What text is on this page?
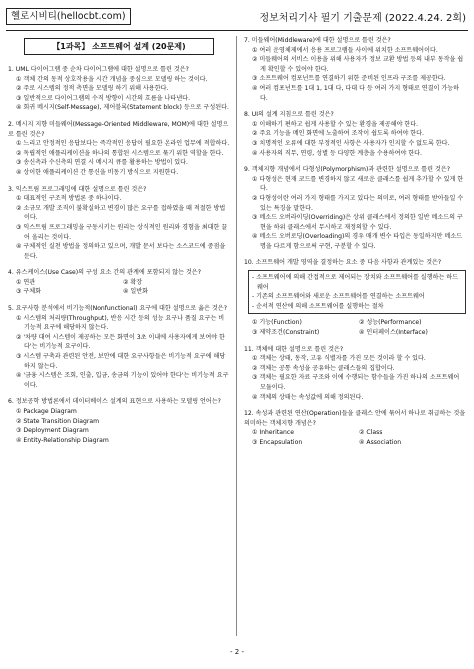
헬로시비티(hellocbt.com)	정보처리기사 필기 기출문제 (2022.4.24. 2회)
【1과목】 소프트웨어 설계 (20문제)

1. UML 다이어그램 중 순차 다이어그램에 대한 설명으로 틀린 것은?

① 객체 간의 동적 상호작용을 시간 개념을 중심으로 모델링 하는 것이다.

② 주로 시스템의 정적 측면을 모델링 하기 위해 사용한다.

③ 일반적으로 다이어그램의 수직 방향이 시간의 흐름을 나타낸다.

④ 회귀 메시지(Self-Message), 제어블록(Statement block) 등으로 구성된다.

2. 메시지 지향 미들웨어(Message-Oriented Middleware, MOM)에 대한 설명으로 틀린 것은?

① 느리고 안정적인 응답보다는 즉각적인 응답이 필요한 온라인 업무에 적합하다.

② 독립적인 애플리케이션을 하나의 통합된 시스템으로 묶기 위한 역할을 한다.

③ 송신측과 수신측의 연결 시 메시지 큐를 활용하는 방법이 있다.

④ 상이한 애플리케이션 간 통신을 비동기 방식으로 지원한다.

3. 익스트림 프로그래밍에 대한 설명으로 틀린 것은?

① 대표적인 구조적 방법론 중 하나이다.

② 소규모 개발 조직이 불확실하고 변경이 많은 요구를 접하였을 때 적절한 방법이다.

③ 익스트림 프로그래밍을 구동시키는 원리는 상식적인 원리와 경험을 최대한 끌어 올리는 것이다.

④ 구체적인 실천 방법을 정의하고 있으며, 개발 문서 보다는 소스코드에 중점을 둔다.

4. 유스케이스(Use Case)의 구성 요소 간의 관계에 포함되지 않는 것은?

① 연관	② 확장
③ 구체화	④ 일반화

5. 요구사항 분석에서 비기능적(Nonfunctional) 요구에 대한 설명으로 옳은 것은?

① 시스템의 처리량(Throughput), 반응 시간 등의 성능 요구나 품질 요구는 비기능적 요구에 해당하지 않는다.

② '차량 대여 시스템이 제공하는 모든 화면이 3초 이내에 사용자에게 보여야 한다'는 비기능적 요구이다.

③ 시스템 구축과 관련된 안전, 보안에 대한 요구사항들은 비기능적 요구에 해당하지 않는다.

④ '금융 시스템은 조회, 인출, 입금, 송금의 기능이 있어야 한다'는 비기능적 요구이다.

6. 정보공학 방법론에서 데이터베이스 설계의 표현으로 사용하는 모델링 언어는?

① Package Diagram

② State Transition Diagram

③ Deployment Diagram

④ Entity-Relationship Diagram

7. 미들웨어(Middleware)에 대한 설명으로 틀린 것은?

① 여러 운영체제에서 응용 프로그램들 사이에 위치한 소프트웨어이다.

② 미들웨어의 서비스 이용을 위해 사용자가 정보 교환 방법 등의 내부 동작을 쉽게 확인할 수 있어야 한다.

③ 소프트웨어 컴포넌트를 연결하기 위한 준비된 인프라 구조를 제공한다.

④ 여러 컴포넌트를 1대 1, 1대 다, 다대 다 등 여러 가지 형태로 연결이 가능하다.

8. UI의 설계 지침으로 틀린 것은?

① 이해하기 편하고 쉽게 사용할 수 있는 환경을 제공해야 한다.

② 주요 기능을 메인 화면에 노출하여 조작이 쉽도록 하여야 한다.

③ 치명적인 오류에 대한 부정적인 사항은 사용자가 인지할 수 없도록 한다.

④ 사용자의 직무, 연령, 성별 등 다양한 계층을 수용하여야 한다.

9. 객체지향 개념에서 다형성(Polymorphism)과 관련한 설명으로 틀린 것은?

① 다형성은 현재 코드를 변경하지 않고 새로운 클래스를 쉽게 추가할 수 있게 한다.

② 다형성이란 여러 가지 형태를 가지고 있다는 의미로, 여러 형태를 받아들일 수 있는 특징을 말한다.

③ 메소드 오버라이딩(Overriding)은 상위 클래스에서 정의한 일반 메소드의 구현을 하위 클래스에서 무시하고 재정의할 수 있다.

④ 메소드 오버로딩(Overloading)의 경우 매개 변수 타입은 동일하지만 메소드명을 다르게 함으로써 구현, 구분할 수 있다.

10. 소프트웨어 개발 영역을 결정하는 요소 중 다음 사항과 관계있는 것은?

- 소프트웨어에 의해 간접적으로 제어되는 장치와 소프트웨어를 실행하는 하드웨어

- 기존의 소프트웨어와 새로운 소프트웨어를 연결하는 소프트웨어

- 순서적 연산에 의해 소프트웨어를 실행하는 절차

① 기능(Function)	② 성능(Performance)
③ 제약조건(Constraint)	④ 인터페이스(Interface)

11. 객체에 대한 설명으로 틀린 것은?

① 객체는 상태, 동작, 고유 식별자를 가진 모든 것이라 할 수 있다.

② 객체는 공통 속성을 공유하는 클래스들의 집합이다.

③ 객체는 필요한 자료 구조와 이에 수행되는 함수들을 가진 하나의 소프트웨어 모듈이다.

④ 객체의 상태는 속성값에 의해 정의된다.

12. 속성과 관련된 연산(Operation)들을 클래스 안에 묶어서 하나로 취급하는 것을 의미하는 객체지향 개념은?

① Inheritance	② Class
③ Encapsulation	④ Association
- 2 -
